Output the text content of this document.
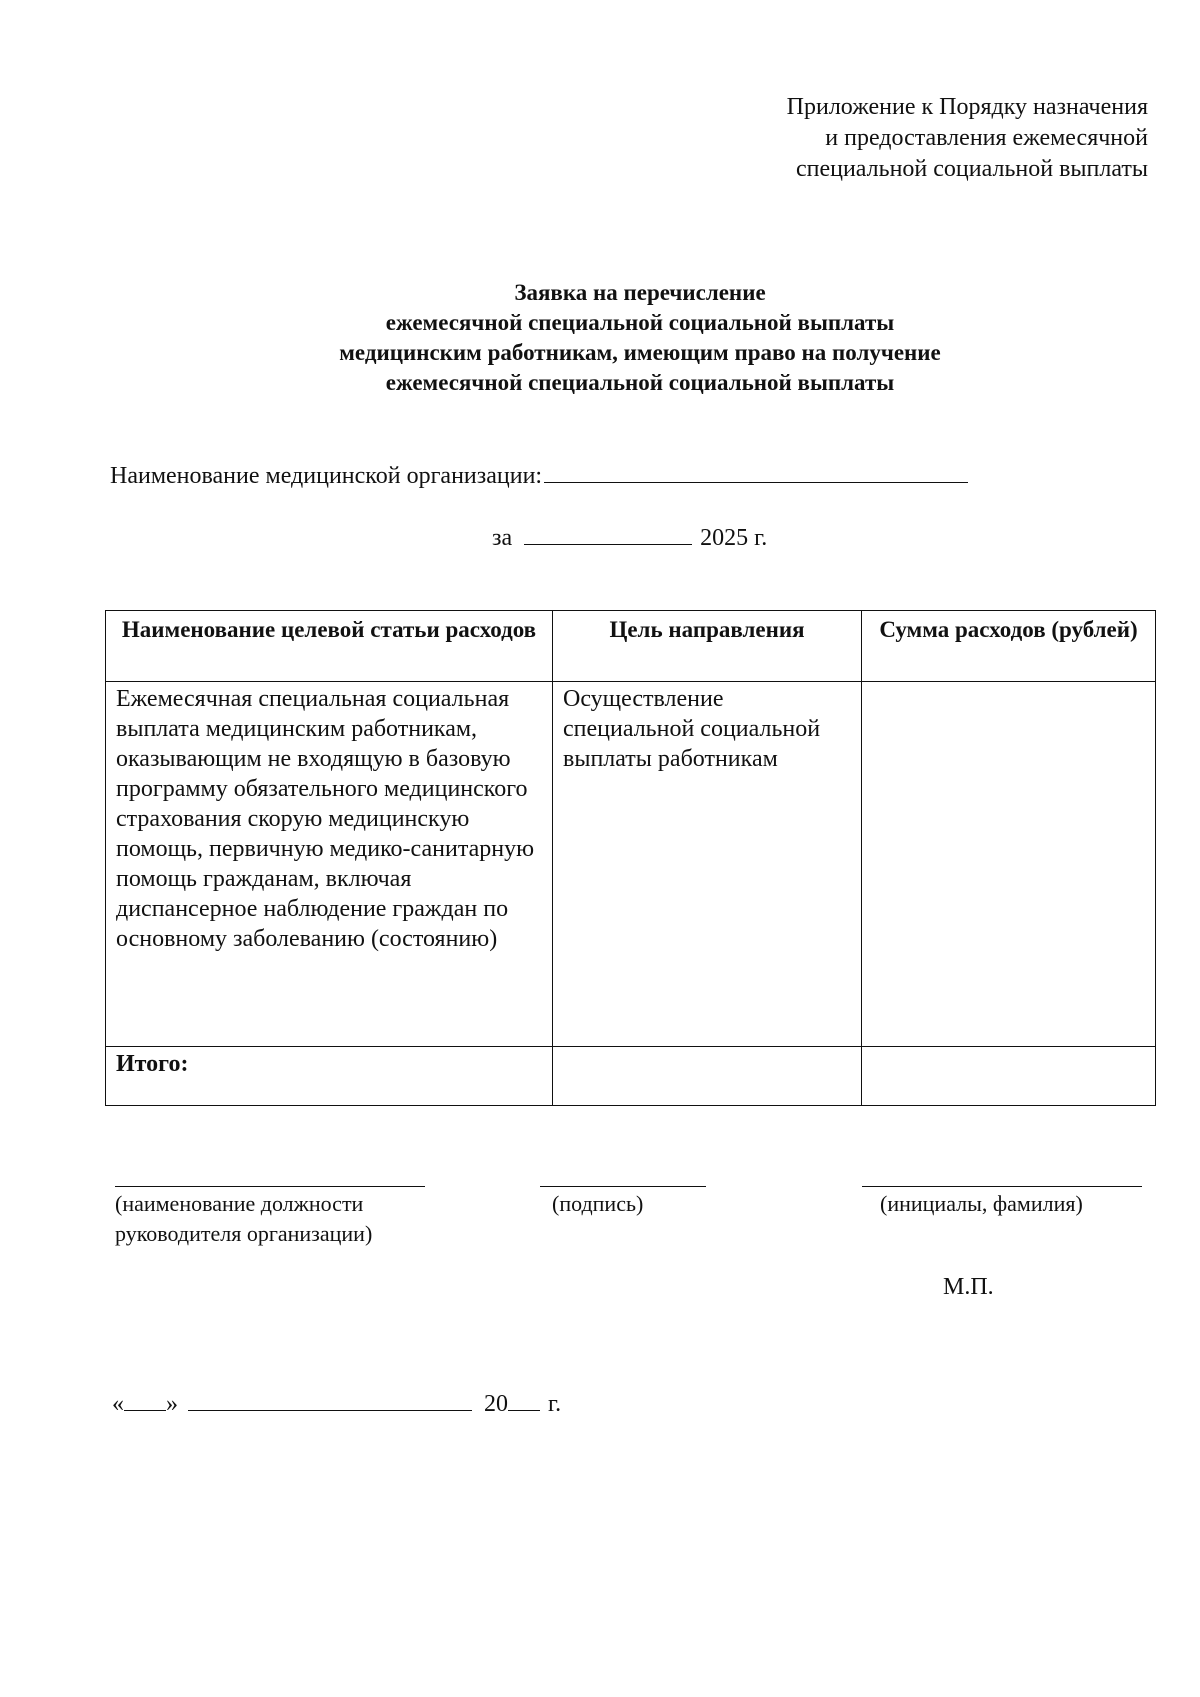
Приложение к Порядку назначения
и предоставления ежемесячной
специальной социальной выплаты
Заявка на перечисление
ежемесячной специальной социальной выплаты
медицинским работникам, имеющим право на получение
ежемесячной специальной социальной выплаты
Наименование медицинской организации:
за	2025 г.
Наименование целевой статьи расходов	Цель направления	Сумма расходов (рублей)
Ежемесячная специальная социальная выплата медицинским работникам, оказывающим не входящую в базовую программу обязательного медицинского страхования скорую медицинскую помощь, первичную медико-санитарную помощь гражданам, включая диспансерное наблюдение граждан по основному заболеванию (состоянию)	Осуществление специальной социальной выплаты работникам	
Итого:		
(наименование должности руководителя организации)
(подпись)	(инициалы, фамилия)
М.П.
« »	20 г.
